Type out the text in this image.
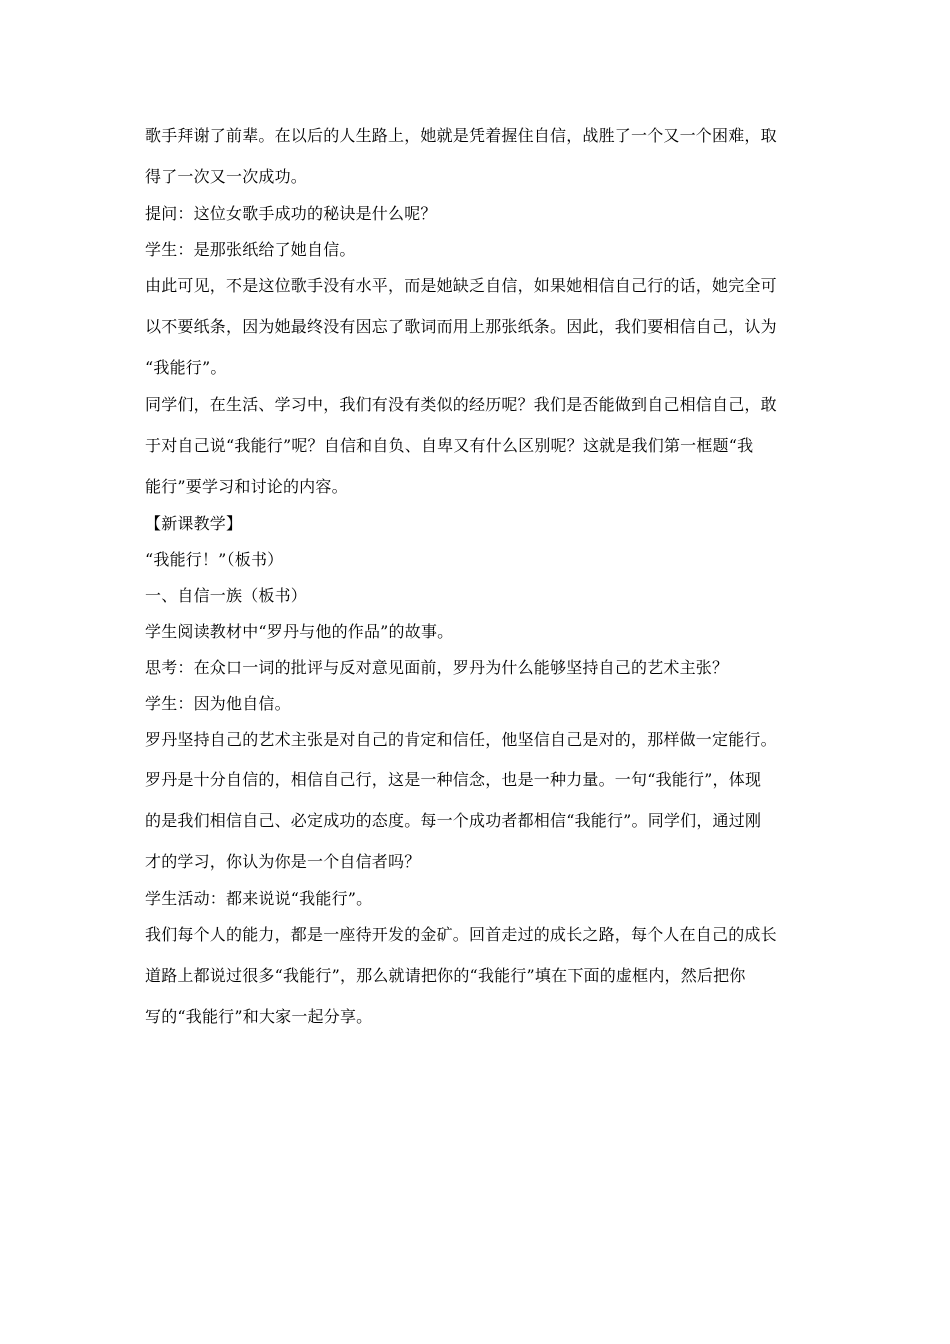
歌手拜谢了前辈。在以后的人生路上，她就是凭着握住自信，战胜了一个又一个困难，取
得了一次又一次成功。
提问：这位女歌手成功的秘诀是什么呢？
学生：是那张纸给了她自信。
由此可见，不是这位歌手没有水平，而是她缺乏自信，如果她相信自己行的话，她完全可
以不要纸条，因为她最终没有因忘了歌词而用上那张纸条。因此，我们要相信自己，认为
“我能行”。
同学们，在生活、学习中，我们有没有类似的经历呢？我们是否能做到自己相信自己，敢
于对自己说“我能行”呢？自信和自负、自卑又有什么区别呢？这就是我们第一框题“我
能行”要学习和讨论的内容。
【新课教学】
“我能行！”（板书）
一、自信一族（板书）
学生阅读教材中“罗丹与他的作品”的故事。
思考：在众口一词的批评与反对意见面前，罗丹为什么能够坚持自己的艺术主张？
学生：因为他自信。
罗丹坚持自己的艺术主张是对自己的肯定和信任，他坚信自己是对的，那样做一定能行。
罗丹是十分自信的，相信自己行，这是一种信念，也是一种力量。一句“我能行”，体现
的是我们相信自己、必定成功的态度。每一个成功者都相信“我能行”。同学们，通过刚
才的学习，你认为你是一个自信者吗？
学生活动：都来说说“我能行”。
我们每个人的能力，都是一座待开发的金矿。回首走过的成长之路，每个人在自己的成长
道路上都说过很多“我能行”，那么就请把你的“我能行”填在下面的虚框内，然后把你
写的“我能行”和大家一起分享。
